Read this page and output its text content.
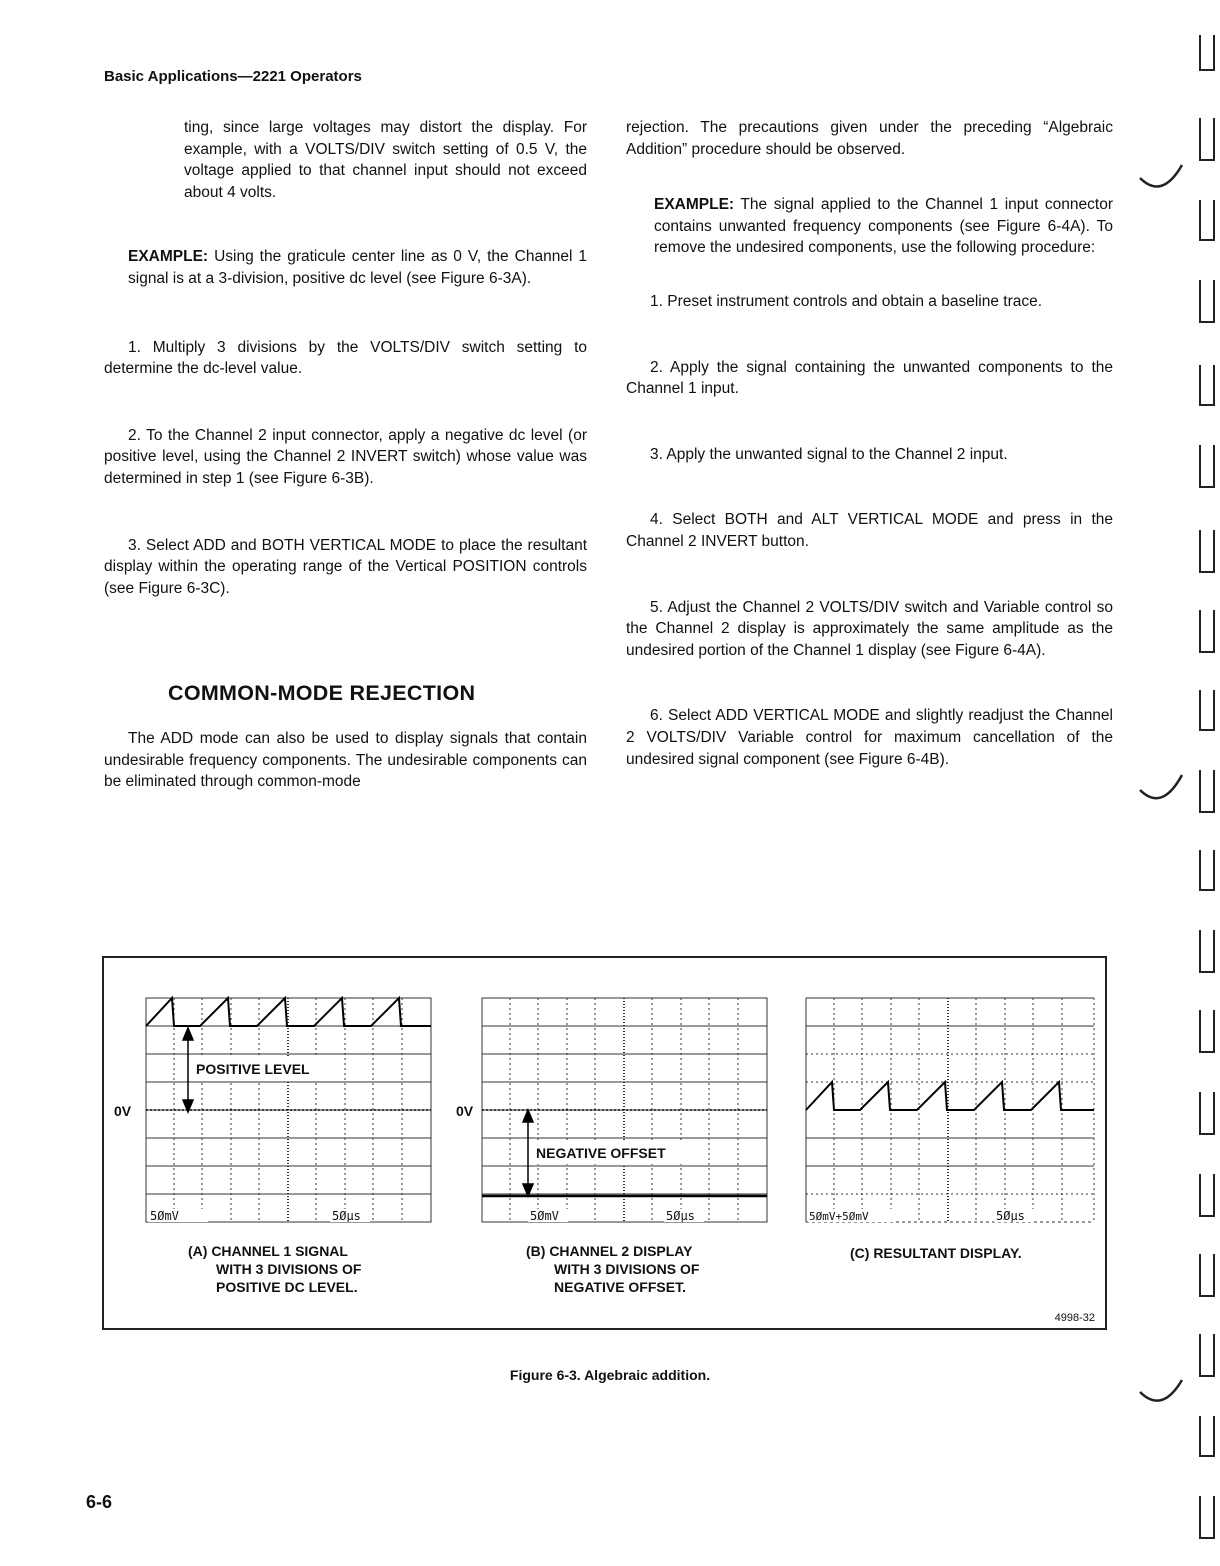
Basic Applications—2221 Operators

ting, since large voltages may distort the display. For example, with a VOLTS/DIV switch setting of 0.5 V, the voltage applied to that channel input should not exceed about 4 volts.

EXAMPLE: Using the graticule center line as 0 V, the Channel 1 signal is at a 3-division, positive dc level (see Figure 6-3A).

1. Multiply 3 divisions by the VOLTS/DIV switch setting to determine the dc-level value.

2. To the Channel 2 input connector, apply a negative dc level (or positive level, using the Channel 2 INVERT switch) whose value was determined in step 1 (see Figure 6-3B).

3. Select ADD and BOTH VERTICAL MODE to place the resultant display within the operating range of the Vertical POSITION controls (see Figure 6-3C).

COMMON-MODE REJECTION

The ADD mode can also be used to display signals that contain undesirable frequency components. The undesirable components can be eliminated through common-mode

rejection. The precautions given under the preceding “Algebraic Addition” procedure should be observed.

EXAMPLE: The signal applied to the Channel 1 input connector contains unwanted frequency components (see Figure 6-4A). To remove the undesired components, use the following procedure:

1. Preset instrument controls and obtain a baseline trace.

2. Apply the signal containing the unwanted components to the Channel 1 input.

3. Apply the unwanted signal to the Channel 2 input.

4. Select BOTH and ALT VERTICAL MODE and press in the Channel 2 INVERT button.

5. Adjust the Channel 2 VOLTS/DIV switch and Variable control so the Channel 2 display is approximately the same amplitude as the undesired portion of the Channel 1 display (see Figure 6-4A).

6. Select ADD VERTICAL MODE and slightly readjust the Channel 2 VOLTS/DIV Variable control for maximum cancellation of the undesired signal component (see Figure 6-4B).

POSITIVE LEVEL
0V
5ØmV	5Øµs
NEGATIVE OFFSET
0V
5ØmV	5Øµs	5ØmV+5ØmV	5Øµs
(A) CHANNEL 1 SIGNAL
WITH 3 DIVISIONS OF
POSITIVE DC LEVEL.
(B) CHANNEL 2 DISPLAY
WITH 3 DIVISIONS OF
NEGATIVE OFFSET.
(C) RESULTANT DISPLAY.
4998-32
Figure 6-3. Algebraic addition.
6-6
